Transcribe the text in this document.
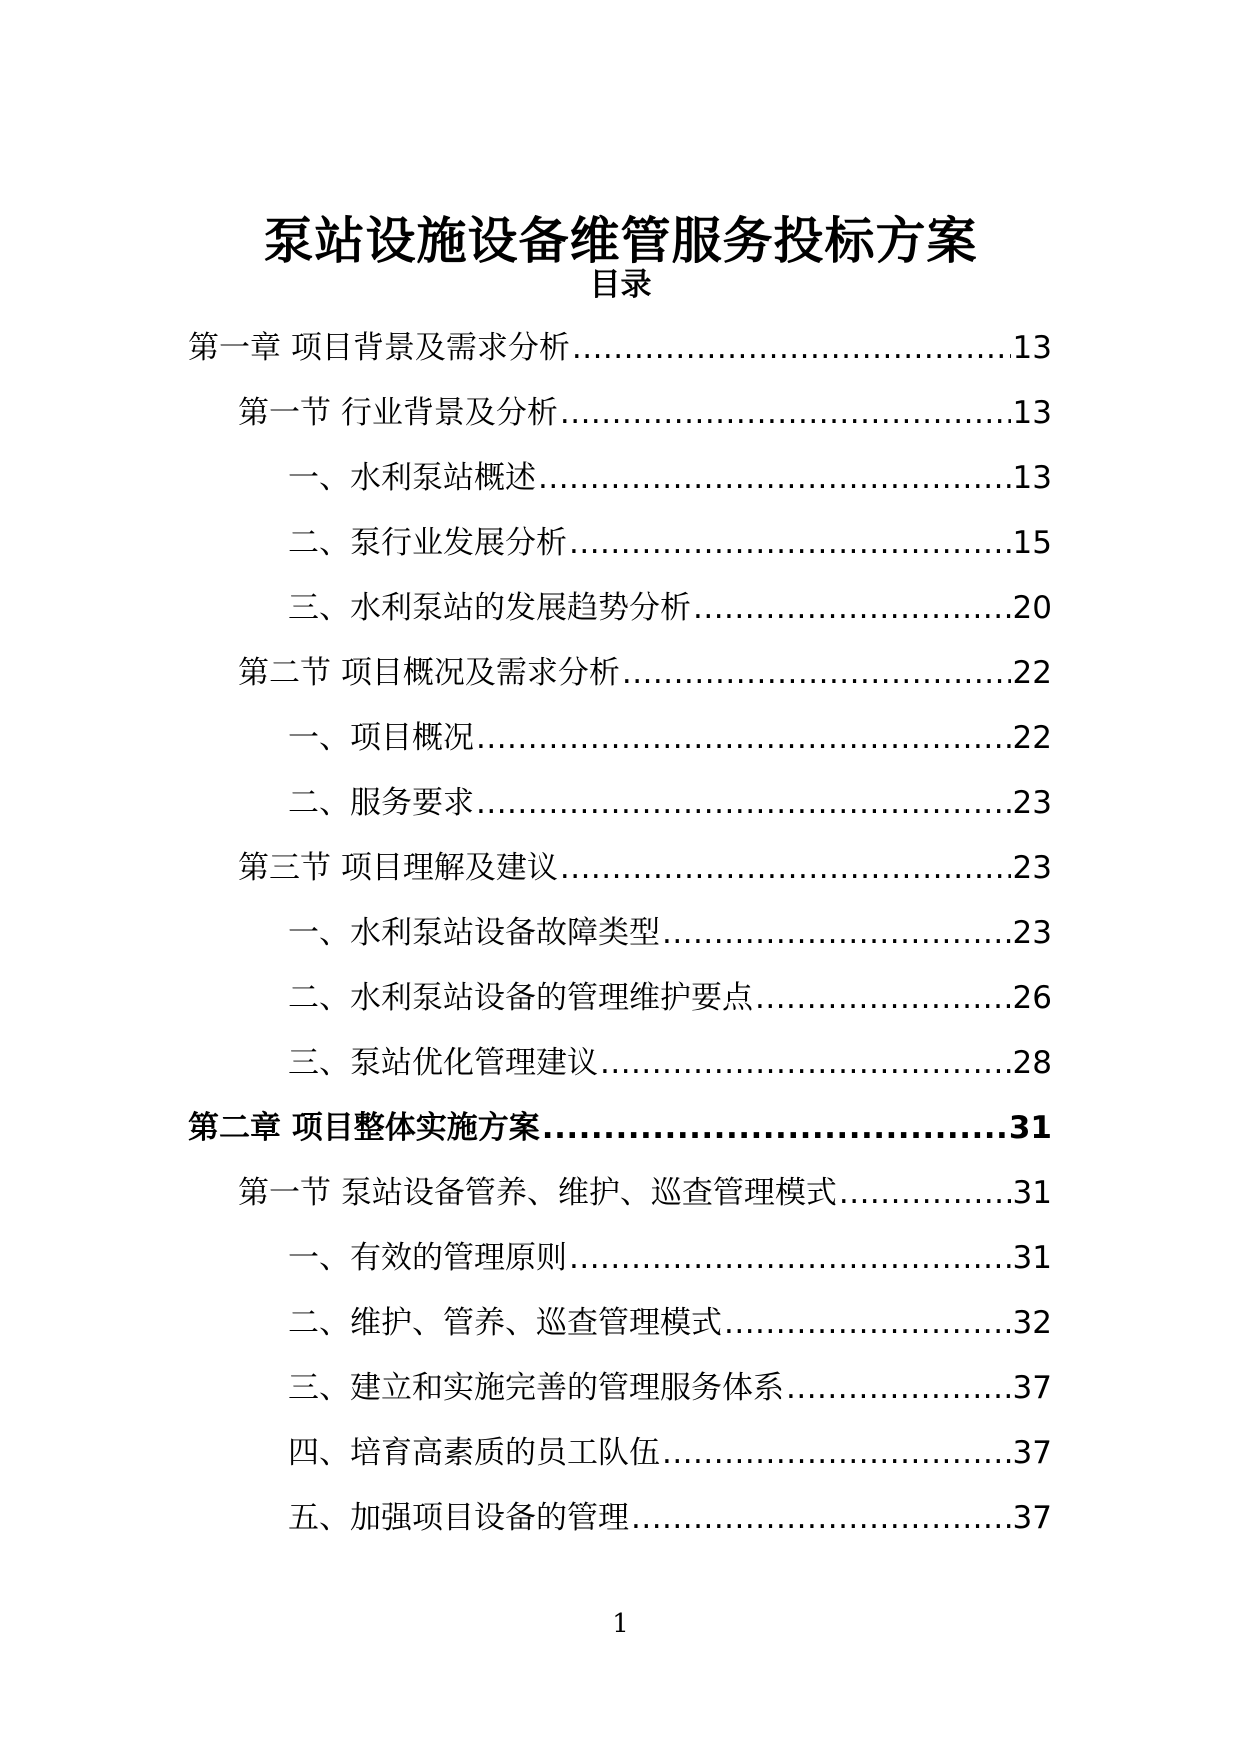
泵站设施设备维管服务投标方案
目录
第一章 项目背景及需求分析 .....	13
第一节 行业背景及分析 .....	13
一、水利泵站概述 .....	13
二、泵行业发展分析 .....	15
三、水利泵站的发展趋势分析 .....	20
第二节 项目概况及需求分析 .....	22
一、项目概况 .....	22
二、服务要求 .....	23
第三节 项目理解及建议 .....	23
一、水利泵站设备故障类型 .....	23
二、水利泵站设备的管理维护要点 .....	26
三、泵站优化管理建议 .....	28
第二章 项目整体实施方案 .....	31
第一节 泵站设备管养、维护、巡查管理模式 .....	31
一、有效的管理原则 .....	31
二、维护、管养、巡查管理模式 .....	32
三、建立和实施完善的管理服务体系 .....	37
四、培育高素质的员工队伍 .....	37
五、加强项目设备的管理 .....	37
1
